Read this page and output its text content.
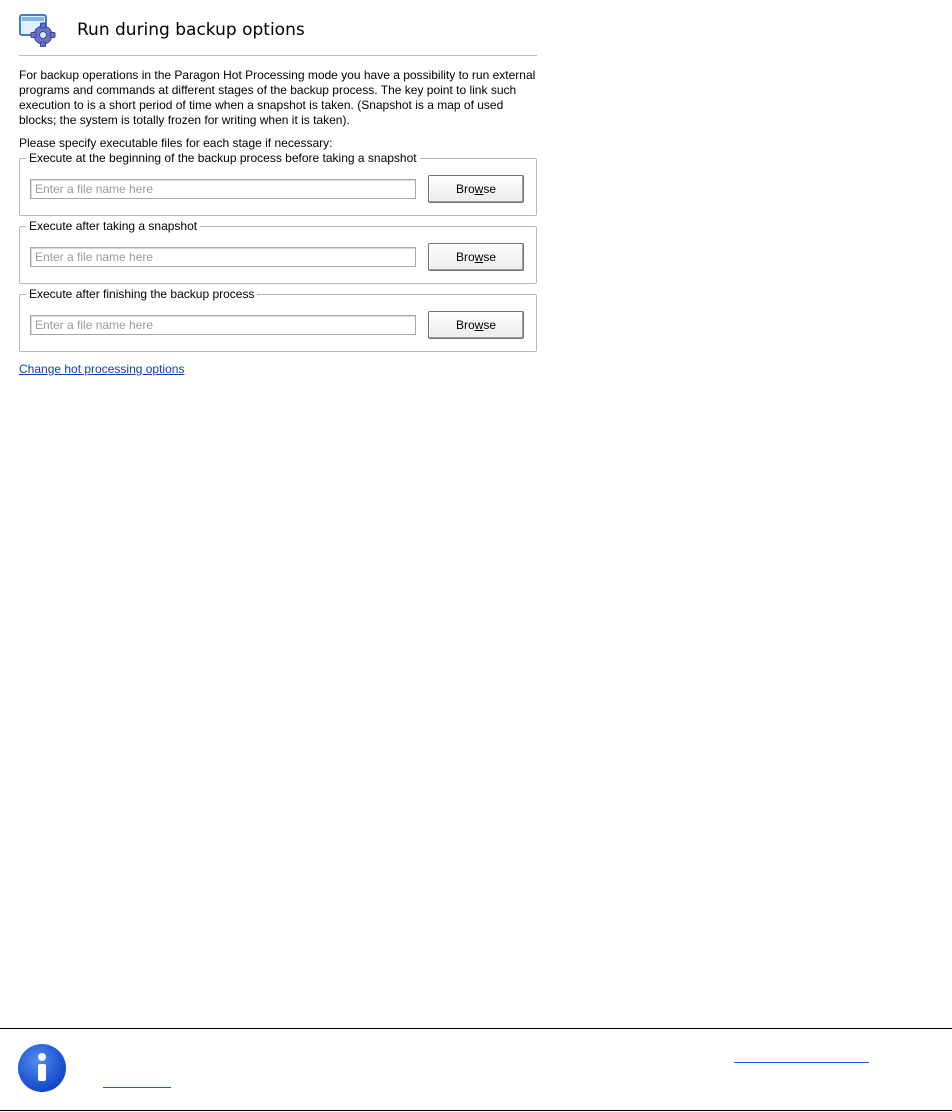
Run during backup options
For backup operations in the Paragon Hot Processing mode you have a possibility to run external programs and commands at different stages of the backup process. The key point to link such execution to is a short period of time when a snapshot is taken. (Snapshot is a map of used blocks; the system is totally frozen for writing when it is taken).
Please specify executable files for each stage if necessary:
Execute at the beginning of the backup process before taking a snapshot
Enter a file name here
Browse
Execute after taking a snapshot
Enter a file name here
Browse
Execute after finishing the backup process
Enter a file name here
Browse
Change hot processing options
